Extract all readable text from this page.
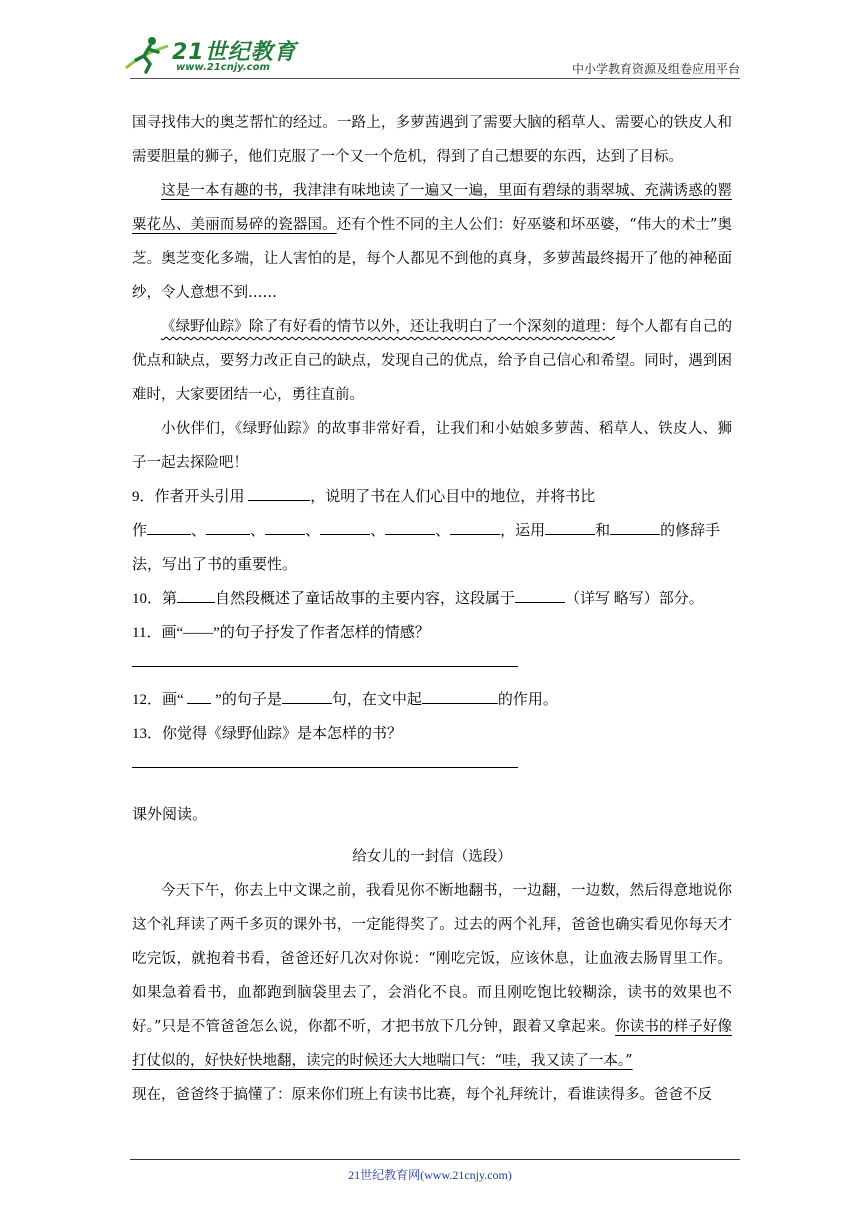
21世纪教育
www.21cnjy.com	中小学教育资源及组卷应用平台

国寻找伟大的奥芝帮忙的经过。一路上，多萝茜遇到了需要大脑的稻草人、需要心的铁皮人和需要胆量的狮子，他们克服了一个又一个危机，得到了自己想要的东西，达到了目标。

这是一本有趣的书，我津津有味地读了一遍又一遍，里面有碧绿的翡翠城、充满诱惑的罂粟花丛、美丽而易碎的瓷器国。还有个性不同的主人公们：好巫婆和坏巫婆，“伟大的术士”奥芝。奥芝变化多端，让人害怕的是，每个人都见不到他的真身，多萝茜最终揭开了他的神秘面纱，令人意想不到……

《绿野仙踪》除了有好看的情节以外，还让我明白了一个深刻的道理：每个人都有自己的优点和缺点，要努力改正自己的缺点，发现自己的优点，给予自己信心和希望。同时，遇到困难时，大家要团结一心，勇往直前。

小伙伴们，《绿野仙踪》的故事非常好看，让我们和小姑娘多萝茜、稻草人、铁皮人、狮子一起去探险吧！

9．作者开头引用	，说明了书在人们心目中的地位，并将书比

作	、	、	、	、	、	，运用	和	的修辞手法，写出了书的重要性。

10．第	自然段概述了童话故事的主要内容，这段属于	（详写 略写）部分。

11．画“——”的句子抒发了作者怎样的情感？

12．画“  ”的句子是	句，在文中起	的作用。

13．你觉得《绿野仙踪》是本怎样的书？

课外阅读。

给女儿的一封信（选段）

今天下午，你去上中文课之前，我看见你不断地翻书，一边翻，一边数，然后得意地说你这个礼拜读了两千多页的课外书，一定能得奖了。过去的两个礼拜，爸爸也确实看见你每天才吃完饭，就抱着书看，爸爸还好几次对你说：“刚吃完饭，应该休息，让血液去肠胃里工作。如果急着看书，血都跑到脑袋里去了，会消化不良。而且刚吃饱比较糊涂，读书的效果也不好。”只是不管爸爸怎么说，你都不听，才把书放下几分钟，跟着又拿起来。你读书的样子好像打仗似的，好快好快地翻，读完的时候还大大地喘口气：“哇，我又读了一本。”

现在，爸爸终于搞懂了：原来你们班上有读书比赛，每个礼拜统计，看谁读得多。爸爸不反

21世纪教育网(www.21cnjy.com)
